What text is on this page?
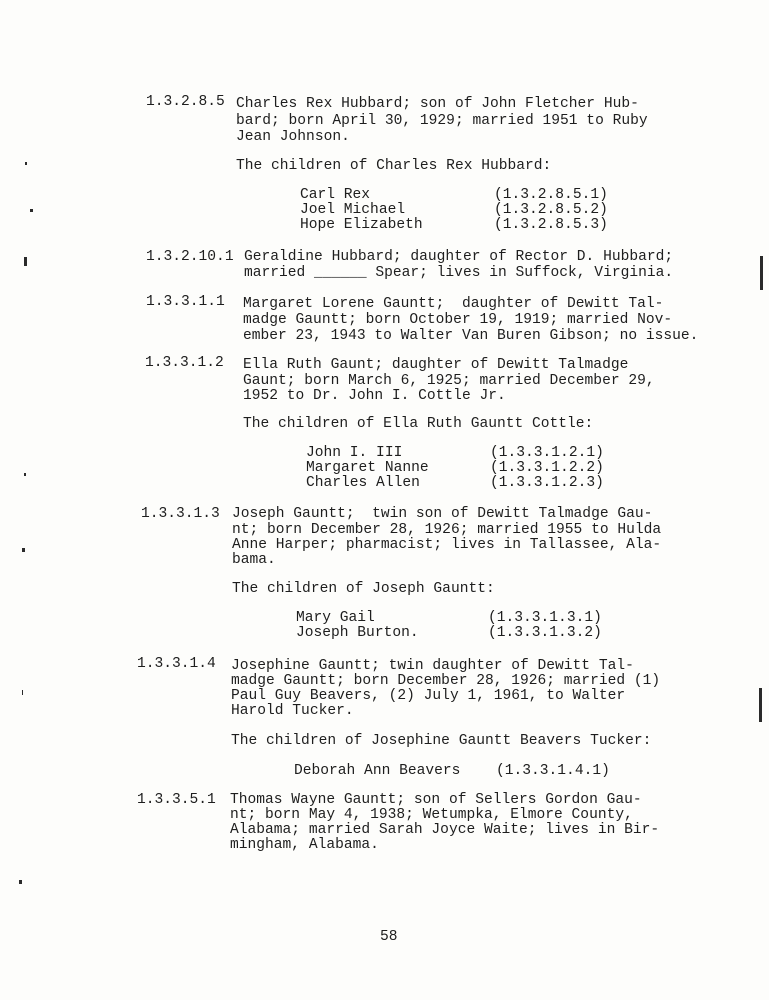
1.3.2.8.5 Charles Rex Hubbard; son of John Fletcher Hub-
bard; born April 30, 1929; married 1951 to Ruby
Jean Johnson.
The children of Charles Rex Hubbard:
Carl Rex	(1.3.2.8.5.1)
Joel Michael	(1.3.2.8.5.2)
Hope Elizabeth	(1.3.2.8.5.3)
1.3.2.10.1 Geraldine Hubbard; daughter of Rector D. Hubbard;
married ______ Spear; lives in Suffock, Virginia.
1.3.3.1.1 Margaret Lorene Gauntt;  daughter of Dewitt Tal-
madge Gauntt; born October 19, 1919; married Nov-
ember 23, 1943 to Walter Van Buren Gibson; no issue.
1.3.3.1.2 Ella Ruth Gaunt; daughter of Dewitt Talmadge
Gaunt; born March 6, 1925; married December 29,
1952 to Dr. John I. Cottle Jr.
The children of Ella Ruth Gauntt Cottle:
John I. III	(1.3.3.1.2.1)
Margaret Nanne	(1.3.3.1.2.2)
Charles Allen	(1.3.3.1.2.3)
1.3.3.1.3 Joseph Gauntt;  twin son of Dewitt Talmadge Gau-
nt; born December 28, 1926; married 1955 to Hulda
Anne Harper; pharmacist; lives in Tallassee, Ala-
bama.
The children of Joseph Gauntt:
Mary Gail	(1.3.3.1.3.1)
Joseph Burton.	(1.3.3.1.3.2)
1.3.3.1.4 Josephine Gauntt; twin daughter of Dewitt Tal-
madge Gauntt; born December 28, 1926; married (1)
Paul Guy Beavers, (2) July 1, 1961, to Walter
Harold Tucker.
The children of Josephine Gauntt Beavers Tucker:
Deborah Ann Beavers (1.3.3.1.4.1)
1.3.3.5.1 Thomas Wayne Gauntt; son of Sellers Gordon Gau-
nt; born May 4, 1938; Wetumpka, Elmore County,
Alabama; married Sarah Joyce Waite; lives in Bir-
mingham, Alabama.
58
